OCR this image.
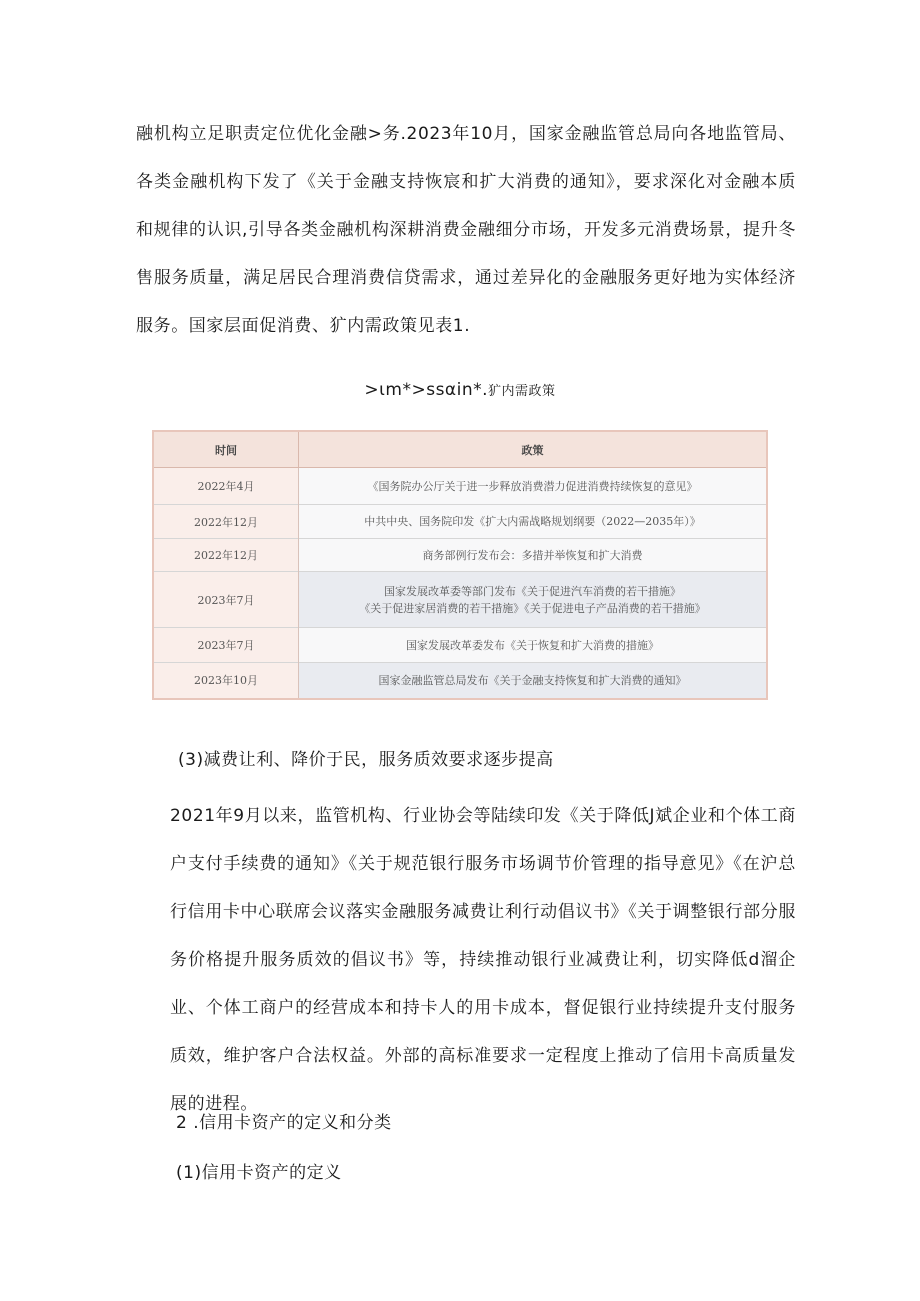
融机构立足职责定位优化金融>务.2023年10月，国家金融监管总局向各地监管局、各类金融机构下发了《关于金融支持恢宸和扩大消费的通知》，要求深化对金融本质和规律的认识,引导各类金融机构深耕消费金融细分市场，开发多元消费场景，提升冬售服务质量，满足居民合理消费信贷需求，通过差异化的金融服务更好地为实体经济服务。国家层面促消费、犷内需政策见表1.

>ɩm*>ssαin*.犷内需政策
时间	政策
2022年4月	《国务院办公厅关于进一步释放消费潜力促进消费持续恢复的意见》
2022年12月	中共中央、国务院印发《扩大内需战略规划纲要（2022—2035年）》
2022年12月	商务部例行发布会：多措并举恢复和扩大消费
2023年7月	国家发展改革委等部门发布《关于促进汽车消费的若干措施》
《关于促进家居消费的若干措施》《关于促进电子产品消费的若干措施》

2023年7月	国家发展改革委发布《关于恢复和扩大消费的措施》
2023年10月	国家金融监管总局发布《关于金融支持恢复和扩大消费的通知》
(3)减费让利、降价于民，服务质效要求逐步提高

2021年9月以来，监管机构、行业协会等陆续印发《关于降低J斌企业和个体工商户支付手续费的通知》《关于规范银行服务市场调节价管理的指导意见》《在沪总行信用卡中心联席会议落实金融服务减费让利行动倡议书》《关于调整银行部分服务价格提升服务质效的倡议书》等，持续推动银行业减费让利，切实降低d溜企业、个体工商户的经营成本和持卡人的用卡成本，督促银行业持续提升支付服务质效，维护客户合法权益。外部的高标准要求一定程度上推动了信用卡高质量发展的进程。

2 .信用卡资产的定义和分类
(1)信用卡资产的定义
